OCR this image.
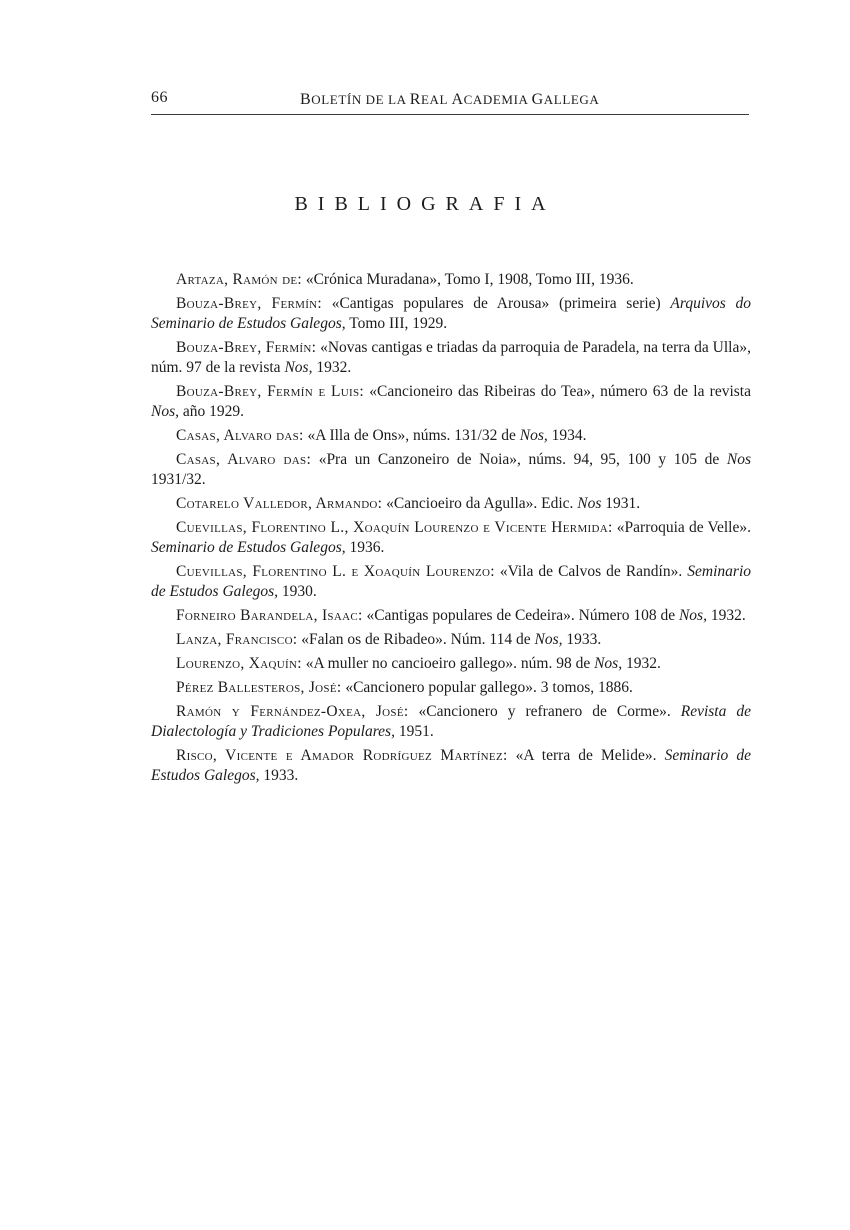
66	BOLETÍN DE LA REAL ACADEMIA GALLEGA
BIBLIOGRAFIA

Artaza, Ramón de: «Crónica Muradana», Tomo I, 1908, Tomo III, 1936.

Bouza-Brey, Fermín: «Cantigas populares de Arousa» (primeira serie) Arquivos do Seminario de Estudos Galegos, Tomo III, 1929.

Bouza-Brey, Fermín: «Novas cantigas e triadas da parroquia de Paradela, na terra da Ulla», núm. 97 de la revista Nos, 1932.

Bouza-Brey, Fermín e Luis: «Cancioneiro das Ribeiras do Tea», número 63 de la revista Nos, año 1929.

Casas, Alvaro das: «A Illa de Ons», núms. 131/32 de Nos, 1934.

Casas, Alvaro das: «Pra un Canzoneiro de Noia», núms. 94, 95, 100 y 105 de Nos 1931/32.

Cotarelo Valledor, Armando: «Cancioeiro da Agulla». Edic. Nos 1931.

Cuevillas, Florentino L., Xoaquín Lourenzo e Vicente Hermida: «Parroquia de Velle». Seminario de Estudos Galegos, 1936.

Cuevillas, Florentino L. e Xoaquín Lourenzo: «Vila de Calvos de Randín». Seminario de Estudos Galegos, 1930.

Forneiro Barandela, Isaac: «Cantigas populares de Cedeira». Número 108 de Nos, 1932.

Lanza, Francisco: «Falan os de Ribadeo». Núm. 114 de Nos, 1933.

Lourenzo, Xaquín: «A muller no cancioeiro gallego». núm. 98 de Nos, 1932.

Pérez Ballesteros, José: «Cancionero popular gallego». 3 tomos, 1886.

Ramón y Fernández-Oxea, José: «Cancionero y refranero de Corme». Revista de Dialectología y Tradiciones Populares, 1951.

Risco, Vicente e Amador Rodríguez Martínez: «A terra de Melide». Seminario de Estudos Galegos, 1933.
